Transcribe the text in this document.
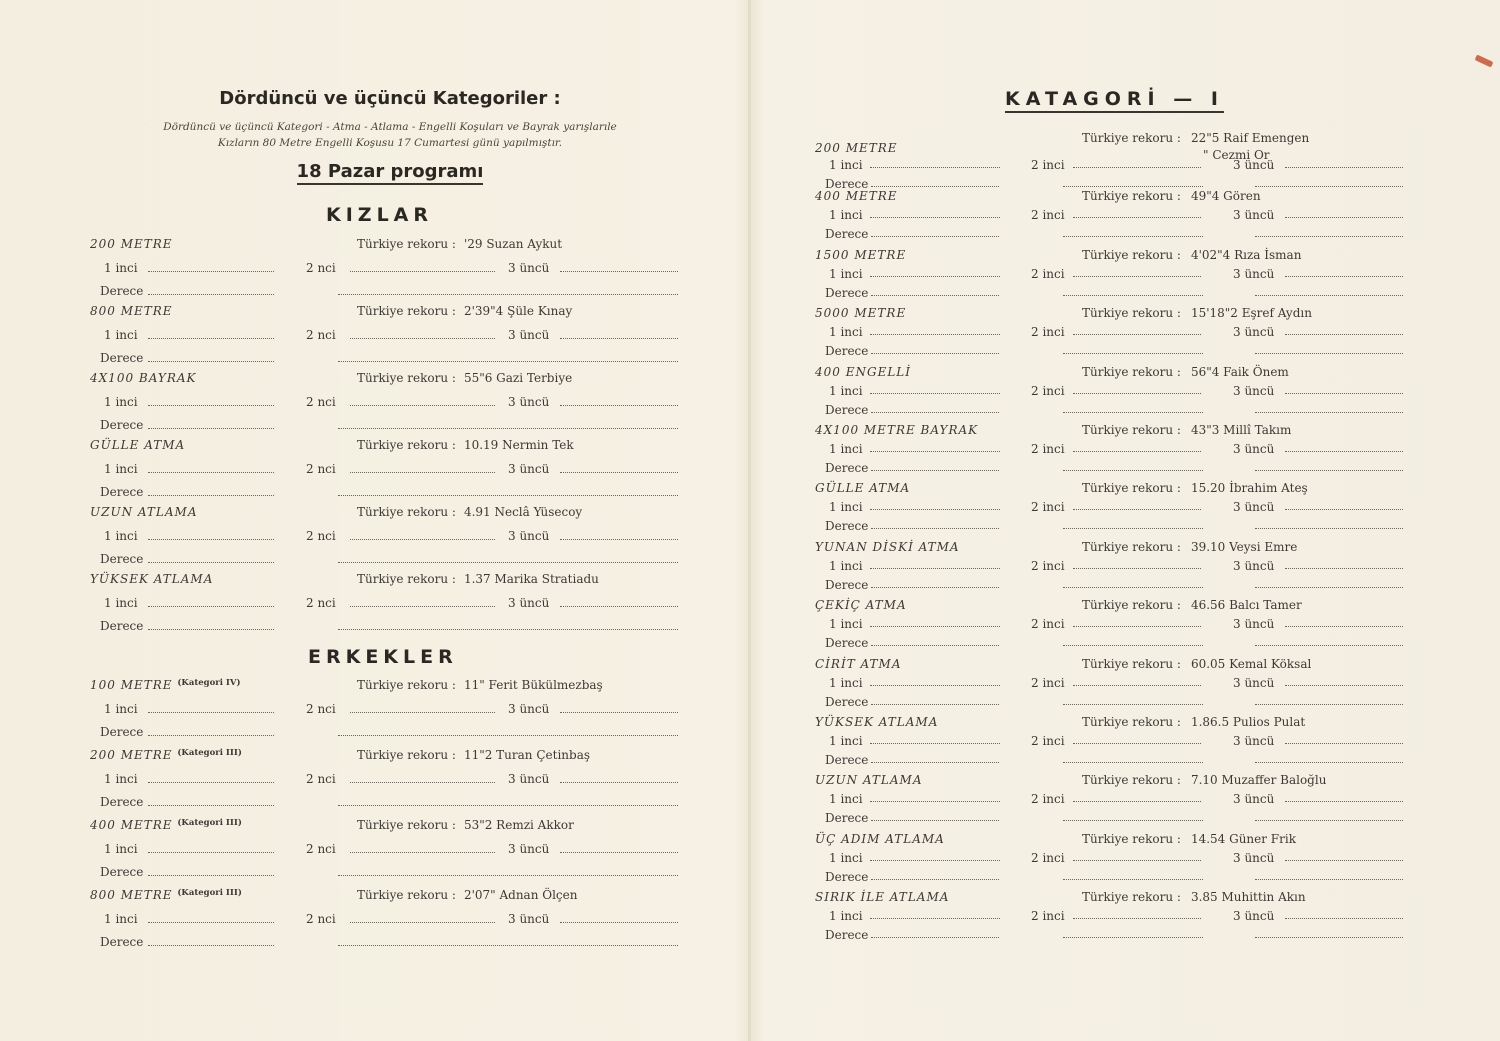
Dördüncü ve üçüncü Kategoriler :
Dördüncü ve üçüncü Kategori - Atma - Atlama - Engelli Koşuları ve Bayrak yarışlarıle
Kızların 80 Metre Engelli Koşusu 17 Cumartesi günü yapılmıştır.
18 Pazar programı
KIZLAR
ERKEKLER
200 METRE	Türkiye rekoru : '29 Suzan Aykut
1 inci	2 nci	3 üncü
Derece
800 METRE	Türkiye rekoru : 2'39"4 Şüle Kınay
1 inci	2 nci	3 üncü
Derece
4X100 BAYRAK	Türkiye rekoru : 55"6 Gazi Terbiye
1 inci	2 nci	3 üncü
Derece
GÜLLE ATMA	Türkiye rekoru : 10.19 Nermin Tek
1 inci	2 nci	3 üncü
Derece
UZUN ATLAMA	Türkiye rekoru : 4.91 Neclâ Yüsecoy
1 inci	2 nci	3 üncü
Derece
YÜKSEK ATLAMA	Türkiye rekoru : 1.37 Marika Stratiadu
1 inci	2 nci	3 üncü
Derece
100 METRE $^{(Kategori IV)}$	Türkiye rekoru : 11" Ferit Bükülmezbaş
1 inci	2 nci	3 üncü
Derece
200 METRE $^{(Kategori III)}$	Türkiye rekoru : 11"2 Turan Çetinbaş
1 inci	2 nci	3 üncü
Derece
400 METRE $^{(Kategori III)}$	Türkiye rekoru : 53"2 Remzi Akkor
1 inci	2 nci	3 üncü
Derece
800 METRE $^{(Kategori III)}$	Türkiye rekoru : 2'07" Adnan Ölçen
1 inci	2 nci	3 üncü
Derece
KATAGORİ — I
200 METRE
Türkiye rekoru : 22"5 Raif Emengen
" Cezmi Or
1 inci	2 inci	3 üncü
Derece
400 METRE	Türkiye rekoru : 49"4 Gören
1 inci	2 inci	3 üncü
Derece
1500 METRE	Türkiye rekoru : 4'02"4 Rıza İsman
1 inci	2 inci	3 üncü
Derece
5000 METRE	Türkiye rekoru : 15'18"2 Eşref Aydın
1 inci	2 inci	3 üncü
Derece
400 ENGELLİ	Türkiye rekoru : 56"4 Faik Önem
1 inci	2 inci	3 üncü
Derece
4X100 METRE BAYRAK	Türkiye rekoru : 43"3 Millî Takım
1 inci	2 inci	3 üncü
Derece
GÜLLE ATMA	Türkiye rekoru : 15.20 İbrahim Ateş
1 inci	2 inci	3 üncü
Derece
YUNAN DİSKİ ATMA	Türkiye rekoru : 39.10 Veysi Emre
1 inci	2 inci	3 üncü
Derece
ÇEKİÇ ATMA	Türkiye rekoru : 46.56 Balcı Tamer
1 inci	2 inci	3 üncü
Derece
CİRİT ATMA	Türkiye rekoru : 60.05 Kemal Köksal
1 inci	2 inci	3 üncü
Derece
YÜKSEK ATLAMA	Türkiye rekoru : 1.86.5 Pulios Pulat
1 inci	2 inci	3 üncü
Derece
UZUN ATLAMA	Türkiye rekoru : 7.10 Muzaffer Baloğlu
1 inci	2 inci	3 üncü
Derece
ÜÇ ADIM ATLAMA	Türkiye rekoru : 14.54 Güner Frik
1 inci	2 inci	3 üncü
Derece
SIRIK İLE ATLAMA	Türkiye rekoru : 3.85 Muhittin Akın
1 inci	2 inci	3 üncü
Derece
